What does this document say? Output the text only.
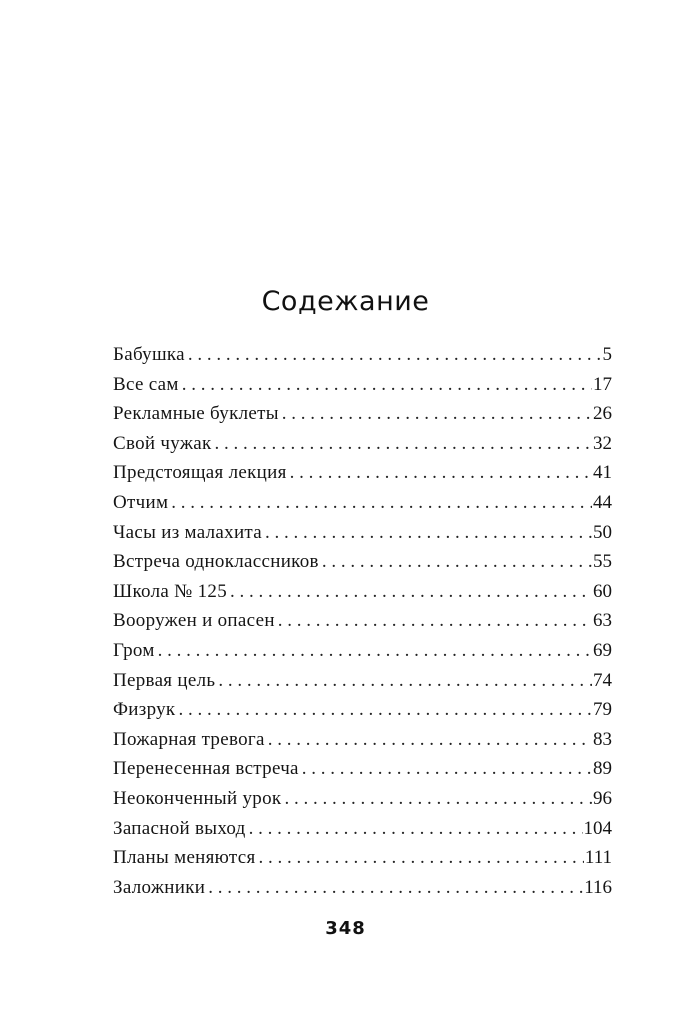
Содежание
Бабушка . . .	5
Все сам . . .	17
Рекламные буклеты . . .	26
Свой чужак . . .	32
Предстоящая лекция . . .	41
Отчим . . .	44
Часы из малахита . . .	50
Встреча одноклассников . . .	55
Школа № 125 . . .	60
Вооружен и опасен . . .	63
Гром . . .	69
Первая цель . . .	74
Физрук . . .	79
Пожарная тревога . . .	83
Перенесенная встреча . . .	89
Неоконченный урок . . .	96
Запасной выход . . .	104
Планы меняются . . .	111
Заложники . . .	116
348
